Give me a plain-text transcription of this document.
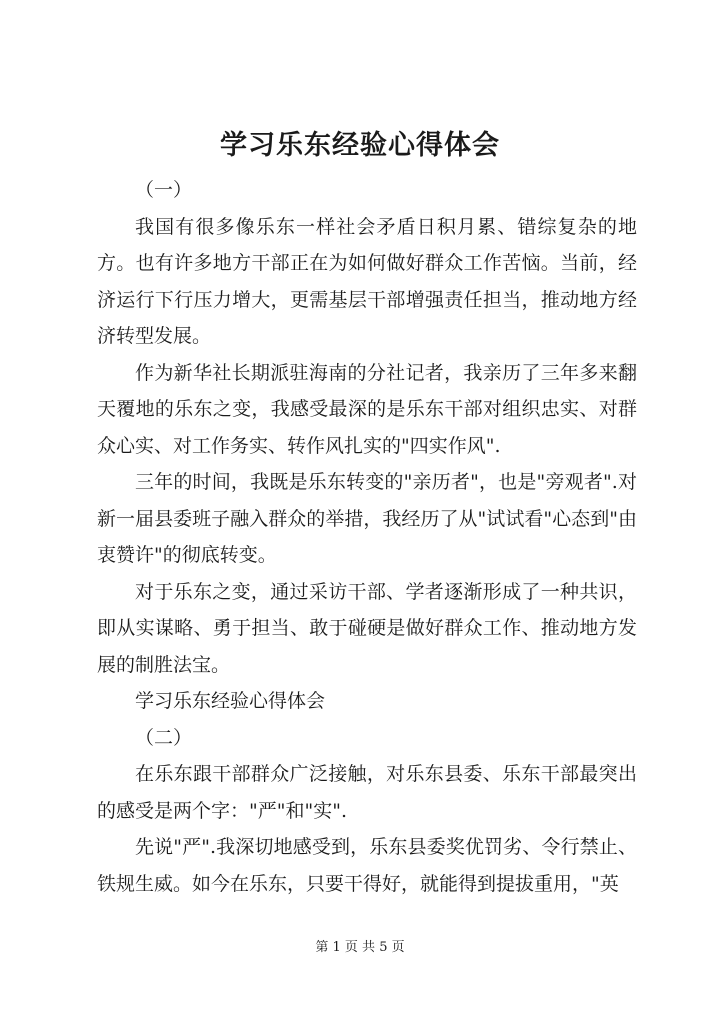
学习乐东经验心得体会

（一）

我国有很多像乐东一样社会矛盾日积月累、错综复杂的地方。也有许多地方干部正在为如何做好群众工作苦恼。当前，经济运行下行压力增大，更需基层干部增强责任担当，推动地方经济转型发展。

作为新华社长期派驻海南的分社记者，我亲历了三年多来翻天覆地的乐东之变，我感受最深的是乐东干部对组织忠实、对群众心实、对工作务实、转作风扎实的"四实作风".

三年的时间，我既是乐东转变的"亲历者"，也是"旁观者".对新一届县委班子融入群众的举措，我经历了从"试试看"心态到"由衷赞许"的彻底转变。

对于乐东之变，通过采访干部、学者逐渐形成了一种共识，即从实谋略、勇于担当、敢于碰硬是做好群众工作、推动地方发展的制胜法宝。

学习乐东经验心得体会

（二）

在乐东跟干部群众广泛接触，对乐东县委、乐东干部最突出的感受是两个字："严"和"实".

先说"严".我深切地感受到，乐东县委奖优罚劣、令行禁止、铁规生威。如今在乐东，只要干得好，就能得到提拔重用，"英

第 1 页 共 5 页
